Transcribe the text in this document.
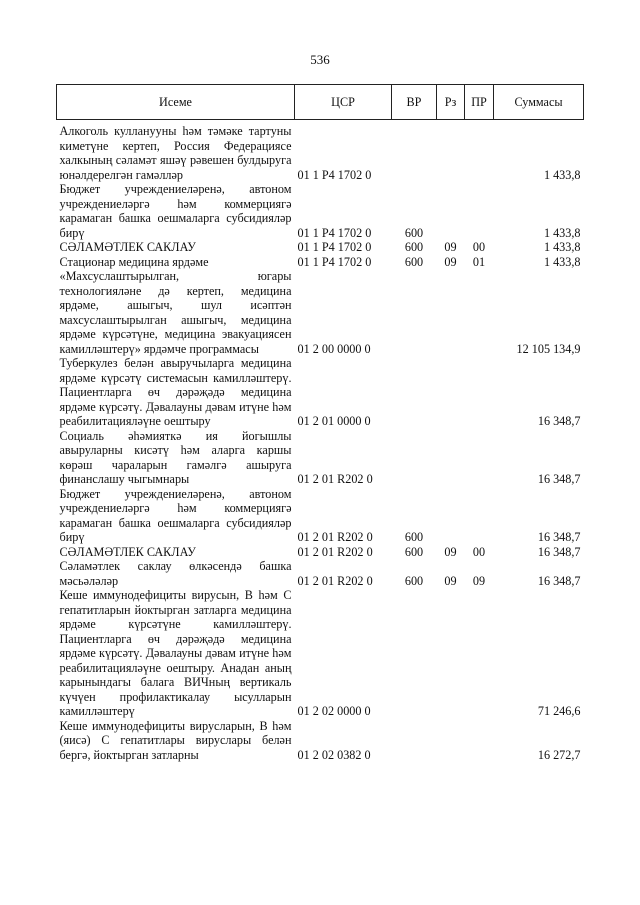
536
Исеме	ЦСР	ВР	Рз	ПР	Суммасы

Алкоголь кулланууны һәм тәмәке тартуны киметүне кертеп, Россия Федерациясе халкының сәламәт яшәү рәвешен булдыруга юнәлдерелгән гамәлләр	01 1 Р4 1702 0				1 433,8
Бюджет учреждениеләренә, автоном учреждениеләргә һәм коммерциягә карамаган башка оешмаларга субсидияләр бирү	01 1 Р4 1702 0	600			1 433,8
СӘЛАМӘТЛЕК САКЛАУ	01 1 Р4 1702 0	600	09	00	1 433,8
Стационар медицина ярдәме	01 1 Р4 1702 0	600	09	01	1 433,8
«Махсуслаштырылган, югары технологияләне дә кертеп, медицина ярдәме, ашыгыч, шул исәптән махсуслаштырылган ашыгыч, медицина ярдәме күрсәтүне, медицина эвакуациясен камилләштерү» ярдәмче программасы	01 2 00 0000 0				12 105 134,9
Туберкулез белән авыручыларга медицина ярдәме күрсәтү системасын камилләштерү. Пациентларга өч дәрәҗәдә медицина ярдәме күрсәтү. Дәвалауны дәвам итүне һәм реабилитацияләүне оештыру	01 2 01 0000 0				16 348,7
Социаль әһәмияткә ия йогышлы авыруларны кисәтү һәм аларга каршы көрәш чараларын гамәлгә ашыруга финанслашу чыгымнары	01 2 01 R202 0				16 348,7
Бюджет учреждениеләренә, автоном учреждениеләргә һәм коммерциягә карамаган башка оешмаларга субсидияләр бирү	01 2 01 R202 0	600			16 348,7
СӘЛАМӘТЛЕК САКЛАУ	01 2 01 R202 0	600	09	00	16 348,7
Сәламәтлек саклау өлкәсендә башка мәсьәләләр	01 2 01 R202 0	600	09	09	16 348,7
Кеше иммунодефициты вирусын, В һәм С гепатитларын йоктырган затларга медицина ярдәме күрсәтүне камилләштерү. Пациентларга өч дәрәҗәдә медицина ярдәме күрсәтү. Дәвалауны дәвам итүне һәм реабилитацияләүне оештыру. Анадан аның карынындагы балага ВИЧның вертикаль күчүен профилактикалау ысулларын камилләштерү	01 2 02 0000 0				71 246,6
Кеше иммунодефициты вирусларын, В һәм (яисә) С гепатитлары вируслары белән бергә, йоктырган затларны	01 2 02 0382 0				16 272,7
